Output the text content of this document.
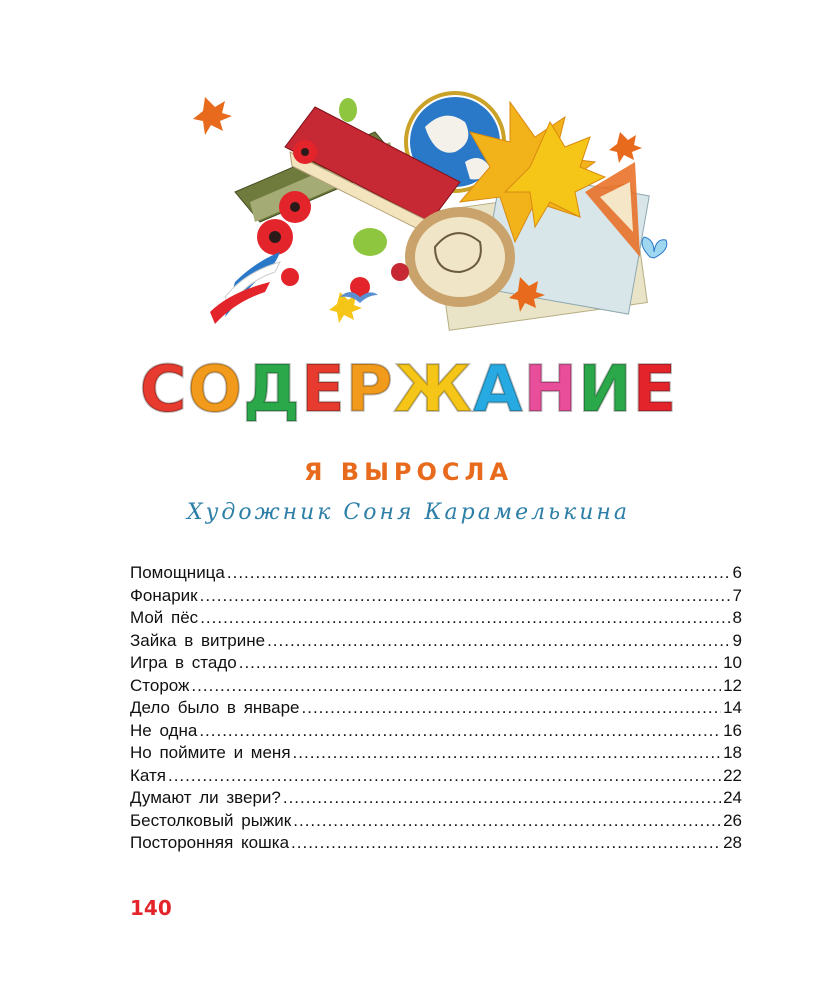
СОДЕРЖАНИЕ
Я ВЫРОСЛА
Художник Соня Карамелькина
Помощница .....	6
Фонарик .....	7
Мой пёс .....	8
Зайка в витрине .....	9
Игра в стадо .....	10
Сторож .....	12
Дело было в январе .....	14
Не одна .....	16
Но поймите и меня .....	18
Катя .....	22
Думают ли звери? .....	24
Бестолковый рыжик .....	26
Посторонняя кошка .....	28
140
